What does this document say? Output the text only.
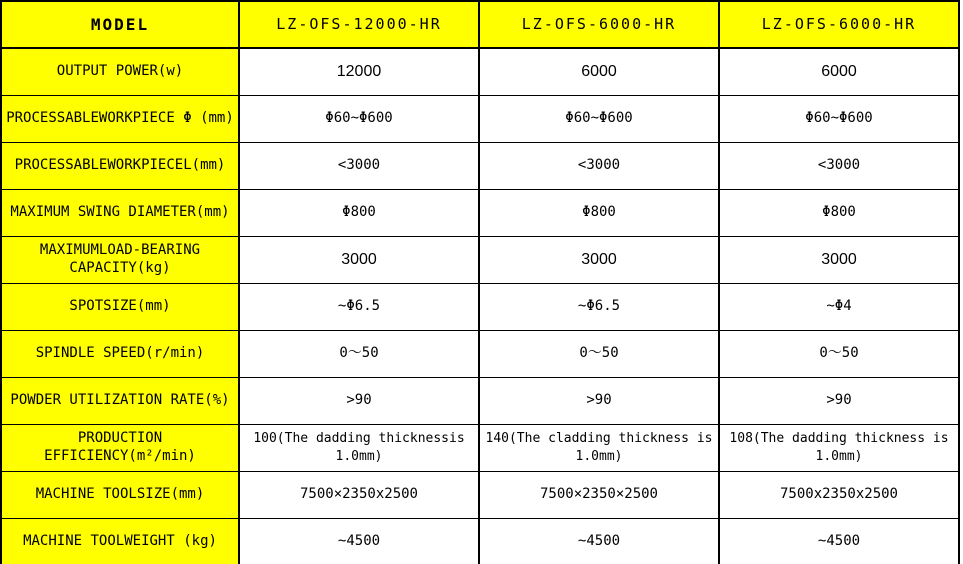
MODEL	LZ-OFS-12000-HR	LZ-OFS-6000-HR	LZ-OFS-6000-HR
OUTPUT POWER(w)	12000	6000	6000
PROCESSABLEWORKPIECE Φ (mm)	Φ60~Φ600	Φ60~Φ600	Φ60~Φ600
PROCESSABLEWORKPIECEL(mm)	<3000	<3000	<3000
MAXIMUM SWING DIAMETER(mm)	Φ800	Φ800	Φ800
MAXIMUMLOAD-BEARING CAPACITY(kg)	3000	3000	3000
SPOTSIZE(mm)	~Φ6.5	~Φ6.5	~Φ4
SPINDLE SPEED(r/min)	0～50	0～50	0～50
POWDER UTILIZATION RATE(%)	>90	>90	>90
PRODUCTION EFFICIENCY(m²/min)	100(The dadding thicknessis 1.0mm)	140(The cladding thickness is 1.0mm)	108(The dadding thickness is 1.0mm)
MACHINE TOOLSIZE(mm)	7500×2350x2500	7500×2350×2500	7500x2350x2500
MACHINE TOOLWEIGHT (kg)	~4500	~4500	~4500
